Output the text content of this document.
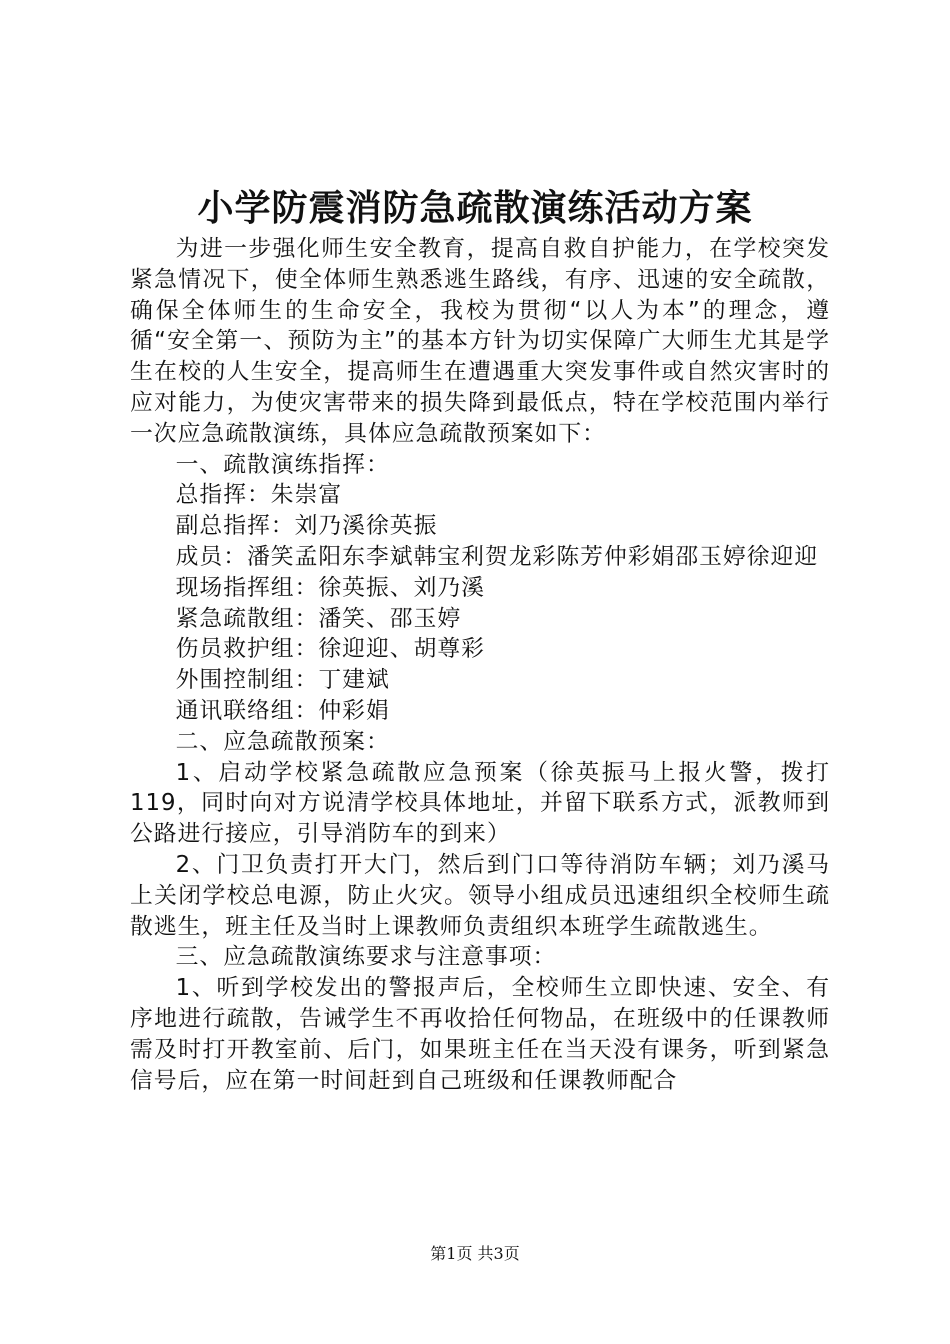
小学防震消防急疏散演练活动方案

为进一步强化师生安全教育，提高自救自护能力，在学校突发紧急情况下，使全体师生熟悉逃生路线，有序、迅速的安全疏散，确保全体师生的生命安全，我校为贯彻“以人为本”的理念，遵循“安全第一、预防为主”的基本方针为切实保障广大师生尤其是学生在校的人生安全，提高师生在遭遇重大突发事件或自然灾害时的应对能力，为使灾害带来的损失降到最低点，特在学校范围内举行一次应急疏散演练，具体应急疏散预案如下：

一、疏散演练指挥：

总指挥：朱崇富

副总指挥：刘乃溪徐英振

成员：潘笑孟阳东李斌韩宝利贺龙彩陈芳仲彩娟邵玉婷徐迎迎

现场指挥组：徐英振、刘乃溪

紧急疏散组：潘笑、邵玉婷

伤员救护组：徐迎迎、胡尊彩

外围控制组：丁建斌

通讯联络组：仲彩娟

二、应急疏散预案：

1、启动学校紧急疏散应急预案（徐英振马上报火警，拨打119，同时向对方说清学校具体地址，并留下联系方式，派教师到公路进行接应，引导消防车的到来）

2、门卫负责打开大门，然后到门口等待消防车辆；刘乃溪马上关闭学校总电源，防止火灾。领导小组成员迅速组织全校师生疏散逃生，班主任及当时上课教师负责组织本班学生疏散逃生。

三、应急疏散演练要求与注意事项：

1、听到学校发出的警报声后，全校师生立即快速、安全、有序地进行疏散，告诫学生不再收拾任何物品，在班级中的任课教师需及时打开教室前、后门，如果班主任在当天没有课务，听到紧急信号后，应在第一时间赶到自己班级和任课教师配合

第1页 共3页
